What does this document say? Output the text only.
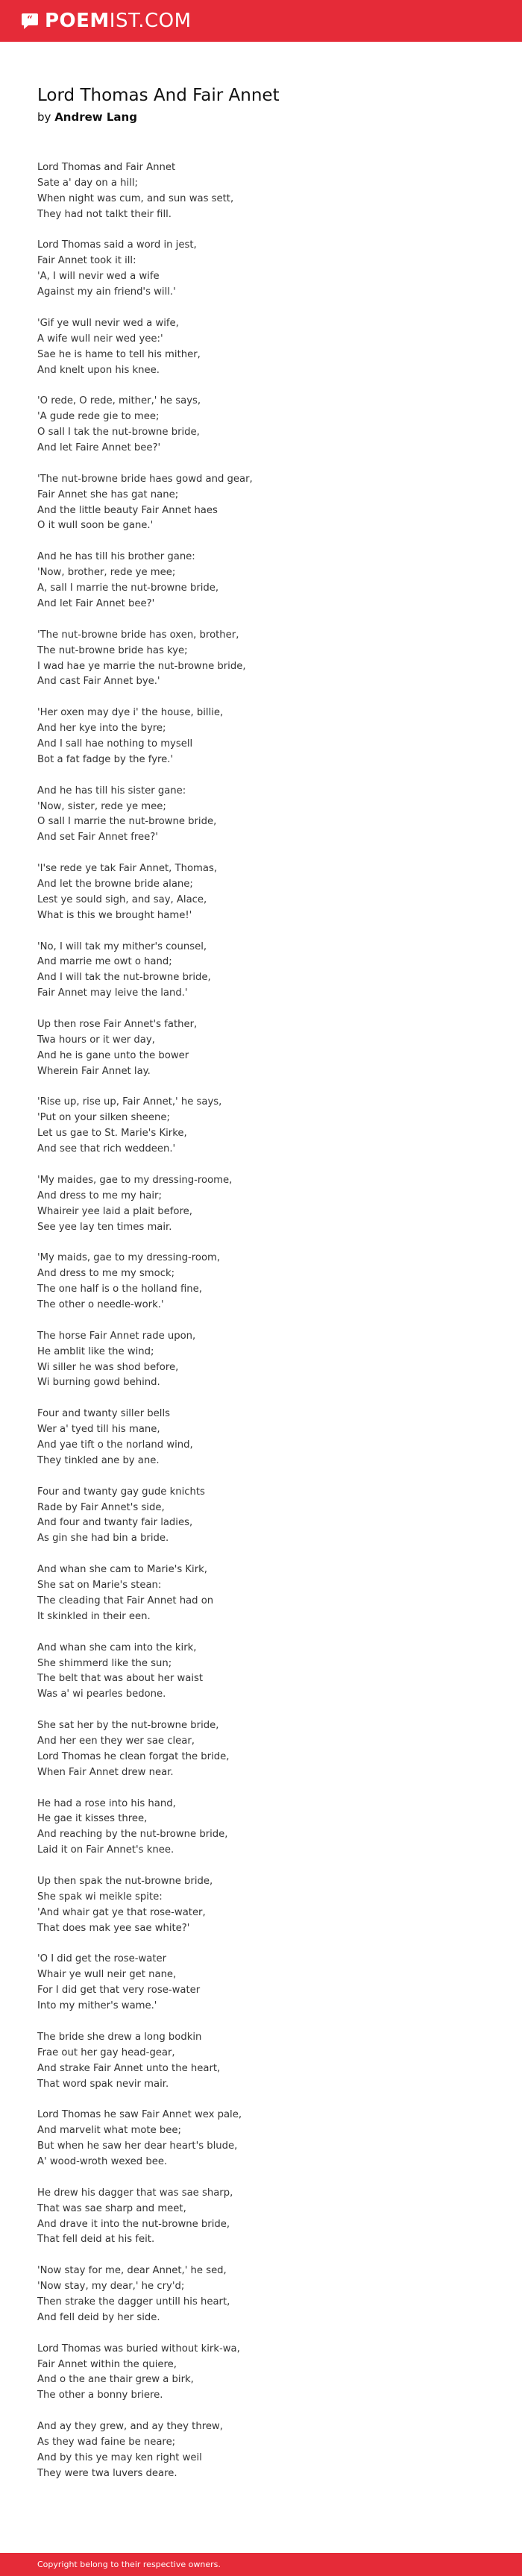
“ POEMIST.COM
Lord Thomas And Fair Annet
by Andrew Lang
Lord Thomas and Fair Annet
Sate a' day on a hill;
When night was cum, and sun was sett,
They had not talkt their fill.
Lord Thomas said a word in jest,
Fair Annet took it ill:
'A, I will nevir wed a wife
Against my ain friend's will.'
'Gif ye wull nevir wed a wife,
A wife wull neir wed yee:'
Sae he is hame to tell his mither,
And knelt upon his knee.
'O rede, O rede, mither,' he says,
'A gude rede gie to mee;
O sall I tak the nut-browne bride,
And let Faire Annet bee?'
'The nut-browne bride haes gowd and gear,
Fair Annet she has gat nane;
And the little beauty Fair Annet haes
O it wull soon be gane.'
And he has till his brother gane:
'Now, brother, rede ye mee;
A, sall I marrie the nut-browne bride,
And let Fair Annet bee?'
'The nut-browne bride has oxen, brother,
The nut-browne bride has kye;
I wad hae ye marrie the nut-browne bride,
And cast Fair Annet bye.'
'Her oxen may dye i' the house, billie,
And her kye into the byre;
And I sall hae nothing to mysell
Bot a fat fadge by the fyre.'
And he has till his sister gane:
'Now, sister, rede ye mee;
O sall I marrie the nut-browne bride,
And set Fair Annet free?'
'I'se rede ye tak Fair Annet, Thomas,
And let the browne bride alane;
Lest ye sould sigh, and say, Alace,
What is this we brought hame!'
'No, I will tak my mither's counsel,
And marrie me owt o hand;
And I will tak the nut-browne bride,
Fair Annet may leive the land.'
Up then rose Fair Annet's father,
Twa hours or it wer day,
And he is gane unto the bower
Wherein Fair Annet lay.
'Rise up, rise up, Fair Annet,' he says,
'Put on your silken sheene;
Let us gae to St. Marie's Kirke,
And see that rich weddeen.'
'My maides, gae to my dressing-roome,
And dress to me my hair;
Whaireir yee laid a plait before,
See yee lay ten times mair.
'My maids, gae to my dressing-room,
And dress to me my smock;
The one half is o the holland fine,
The other o needle-work.'
The horse Fair Annet rade upon,
He amblit like the wind;
Wi siller he was shod before,
Wi burning gowd behind.
Four and twanty siller bells
Wer a' tyed till his mane,
And yae tift o the norland wind,
They tinkled ane by ane.
Four and twanty gay gude knichts
Rade by Fair Annet's side,
And four and twanty fair ladies,
As gin she had bin a bride.
And whan she cam to Marie's Kirk,
She sat on Marie's stean:
The cleading that Fair Annet had on
It skinkled in their een.
And whan she cam into the kirk,
She shimmerd like the sun;
The belt that was about her waist
Was a' wi pearles bedone.
She sat her by the nut-browne bride,
And her een they wer sae clear,
Lord Thomas he clean forgat the bride,
When Fair Annet drew near.
He had a rose into his hand,
He gae it kisses three,
And reaching by the nut-browne bride,
Laid it on Fair Annet's knee.
Up then spak the nut-browne bride,
She spak wi meikle spite:
'And whair gat ye that rose-water,
That does mak yee sae white?'
'O I did get the rose-water
Whair ye wull neir get nane,
For I did get that very rose-water
Into my mither's wame.'
The bride she drew a long bodkin
Frae out her gay head-gear,
And strake Fair Annet unto the heart,
That word spak nevir mair.
Lord Thomas he saw Fair Annet wex pale,
And marvelit what mote bee;
But when he saw her dear heart's blude,
A' wood-wroth wexed bee.
He drew his dagger that was sae sharp,
That was sae sharp and meet,
And drave it into the nut-browne bride,
That fell deid at his feit.
'Now stay for me, dear Annet,' he sed,
'Now stay, my dear,' he cry'd;
Then strake the dagger untill his heart,
And fell deid by her side.
Lord Thomas was buried without kirk-wa,
Fair Annet within the quiere,
And o the ane thair grew a birk,
The other a bonny briere.
And ay they grew, and ay they threw,
As they wad faine be neare;
And by this ye may ken right weil
They were twa luvers deare.
Copyright belong to their respective owners.
